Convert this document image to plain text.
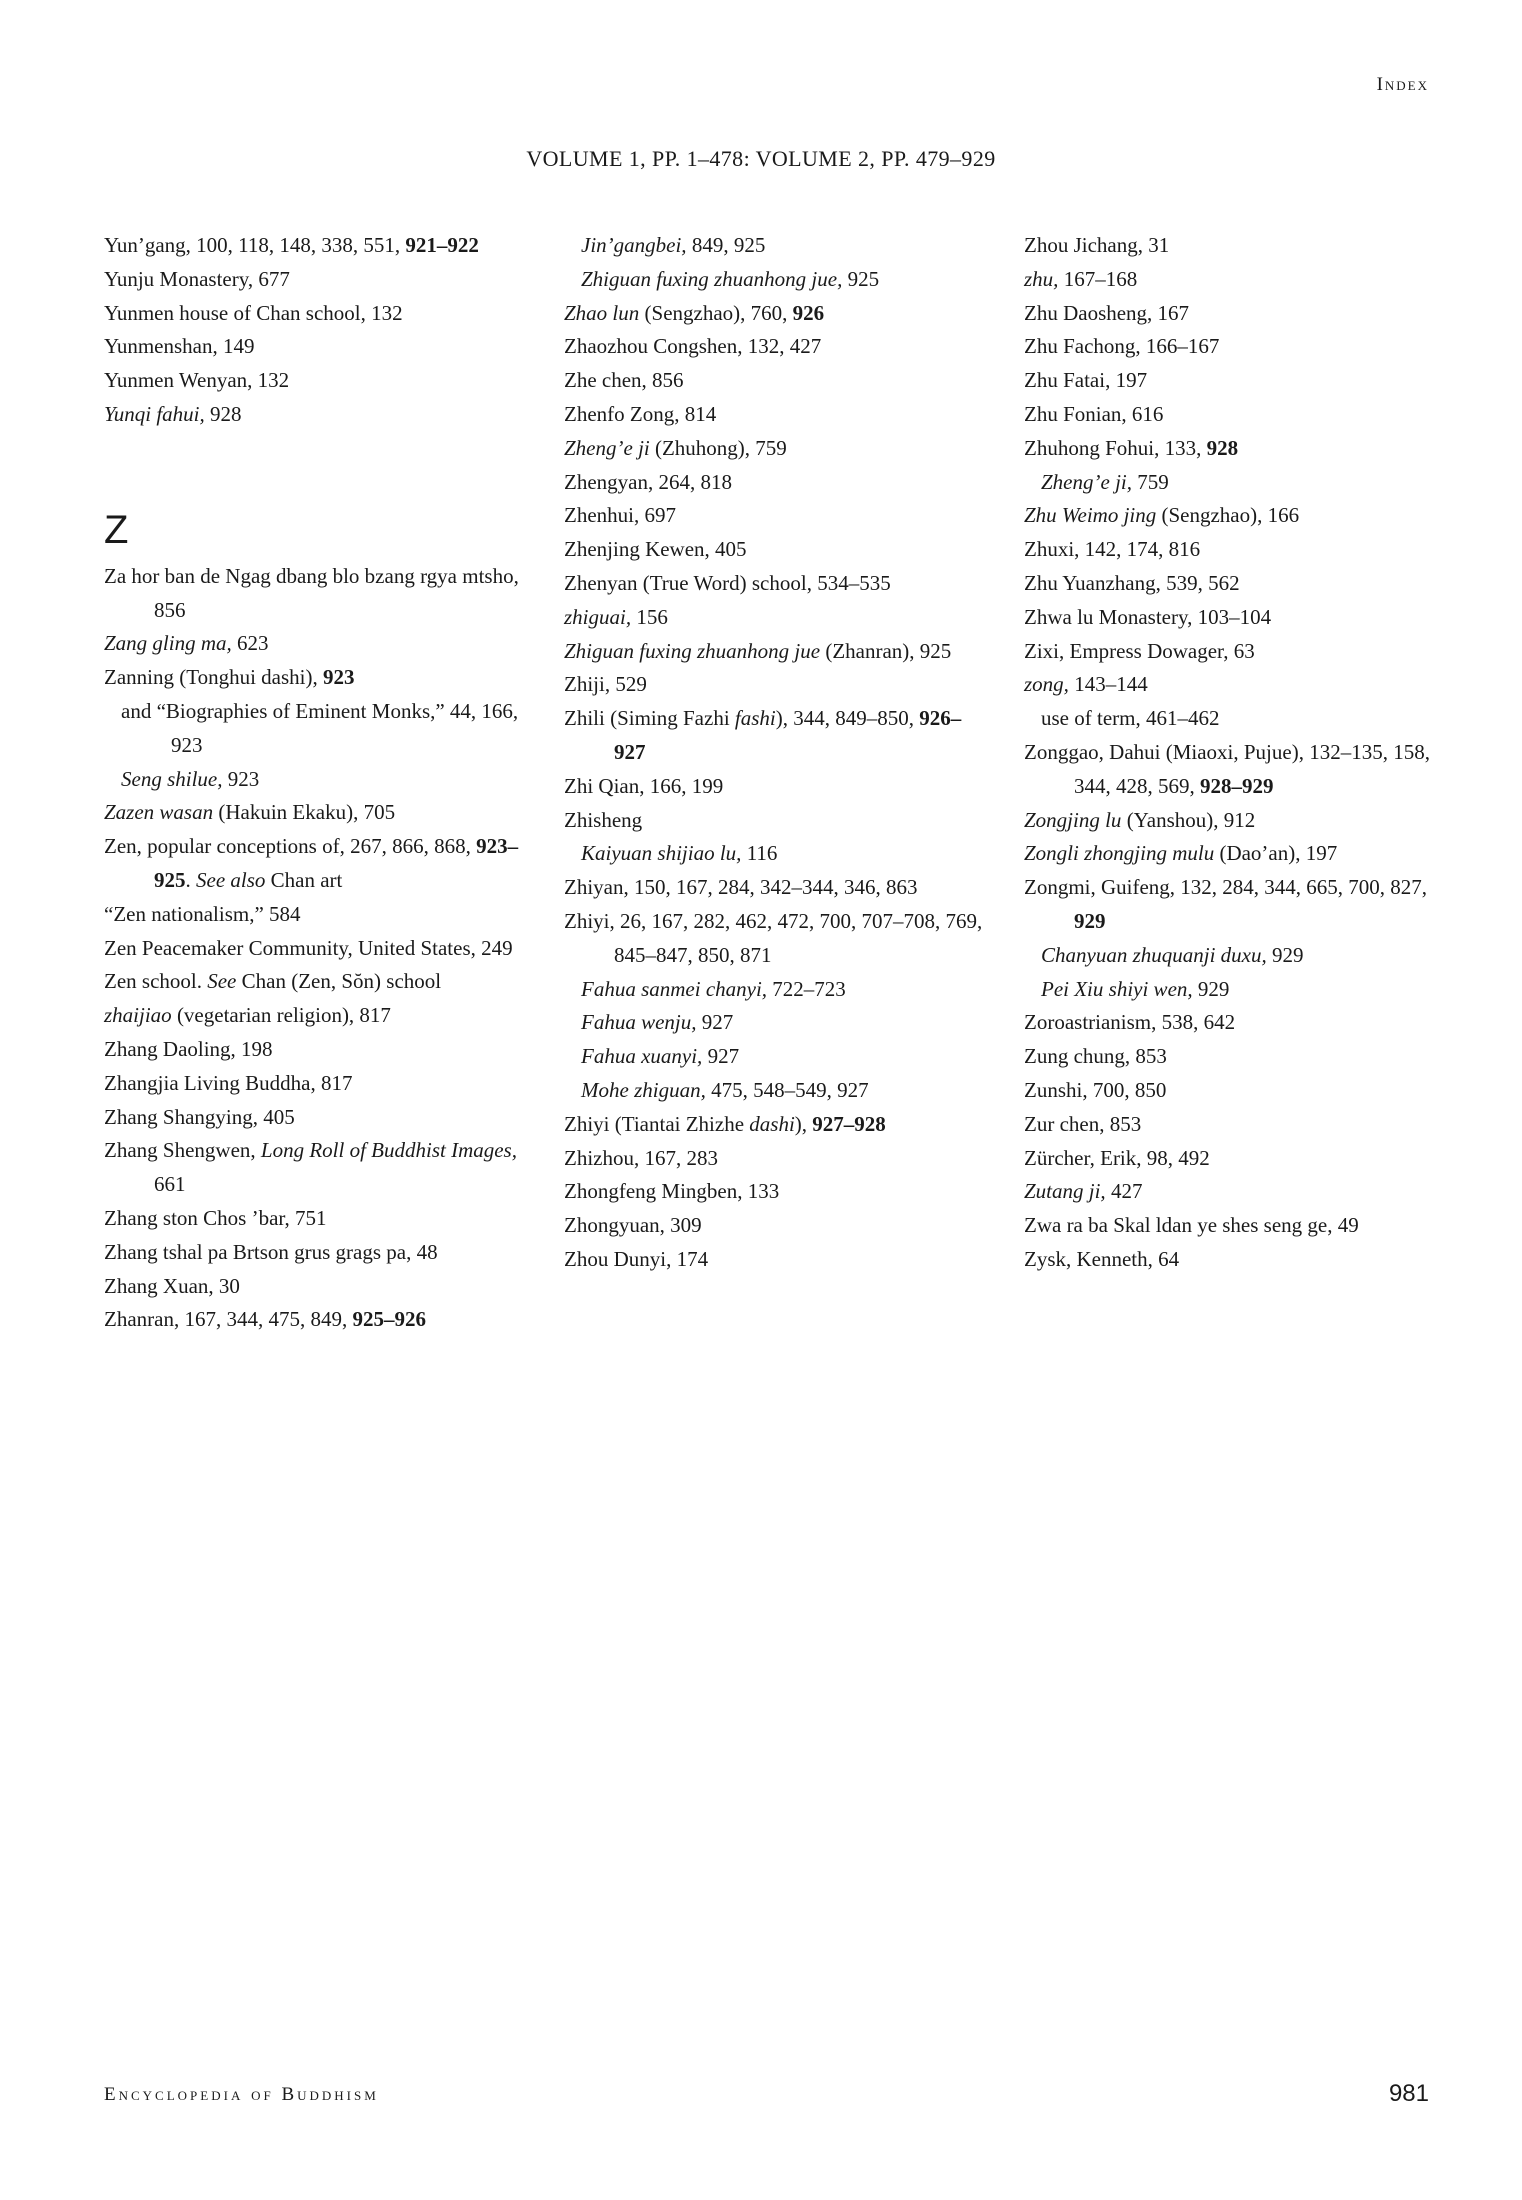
Index
VOLUME 1, PP. 1–478: VOLUME 2, PP. 479–929
Yun’gang, 100, 118, 148, 338, 551, 921–922
Yunju Monastery, 677
Yunmen house of Chan school, 132
Yunmenshan, 149
Yunmen Wenyan, 132
Yunqi fahui, 928
Z
Za hor ban de Ngag dbang blo bzang rgya mtsho, 856
Zang gling ma, 623
Zanning (Tonghui dashi), 923
and “Biographies of Eminent Monks,” 44, 166, 923
Seng shilue, 923
Zazen wasan (Hakuin Ekaku), 705
Zen, popular conceptions of, 267, 866, 868, 923–925. See also Chan art
“Zen nationalism,” 584
Zen Peacemaker Community, United States, 249
Zen school. See Chan (Zen, Sŏn) school
zhaijiao (vegetarian religion), 817
Zhang Daoling, 198
Zhangjia Living Buddha, 817
Zhang Shangying, 405
Zhang Shengwen, Long Roll of Buddhist Images, 661
Zhang ston Chos ’bar, 751
Zhang tshal pa Brtson grus grags pa, 48
Zhang Xuan, 30
Zhanran, 167, 344, 475, 849, 925–926
Jin’gangbei, 849, 925
Zhiguan fuxing zhuanhong jue, 925
Zhao lun (Sengzhao), 760, 926
Zhaozhou Congshen, 132, 427
Zhe chen, 856
Zhenfo Zong, 814
Zheng’e ji (Zhuhong), 759
Zhengyan, 264, 818
Zhenhui, 697
Zhenjing Kewen, 405
Zhenyan (True Word) school, 534–535
zhiguai, 156
Zhiguan fuxing zhuanhong jue (Zhanran), 925
Zhiji, 529
Zhili (Siming Fazhi fashi), 344, 849–850, 926–927
Zhi Qian, 166, 199
Zhisheng
Kaiyuan shijiao lu, 116
Zhiyan, 150, 167, 284, 342–344, 346, 863
Zhiyi, 26, 167, 282, 462, 472, 700, 707–708, 769, 845–847, 850, 871
Fahua sanmei chanyi, 722–723
Fahua wenju, 927
Fahua xuanyi, 927
Mohe zhiguan, 475, 548–549, 927
Zhiyi (Tiantai Zhizhe dashi), 927–928
Zhizhou, 167, 283
Zhongfeng Mingben, 133
Zhongyuan, 309
Zhou Dunyi, 174
Zhou Jichang, 31
zhu, 167–168
Zhu Daosheng, 167
Zhu Fachong, 166–167
Zhu Fatai, 197
Zhu Fonian, 616
Zhuhong Fohui, 133, 928
Zheng’e ji, 759
Zhu Weimo jing (Sengzhao), 166
Zhuxi, 142, 174, 816
Zhu Yuanzhang, 539, 562
Zhwa lu Monastery, 103–104
Zixi, Empress Dowager, 63
zong, 143–144
use of term, 461–462
Zonggao, Dahui (Miaoxi, Pujue), 132–135, 158, 344, 428, 569, 928–929
Zongjing lu (Yanshou), 912
Zongli zhongjing mulu (Dao’an), 197
Zongmi, Guifeng, 132, 284, 344, 665, 700, 827, 929
Chanyuan zhuquanji duxu, 929
Pei Xiu shiyi wen, 929
Zoroastrianism, 538, 642
Zung chung, 853
Zunshi, 700, 850
Zur chen, 853
Zürcher, Erik, 98, 492
Zutang ji, 427
Zwa ra ba Skal ldan ye shes seng ge, 49
Zysk, Kenneth, 64
Encyclopedia of Buddhism	981
